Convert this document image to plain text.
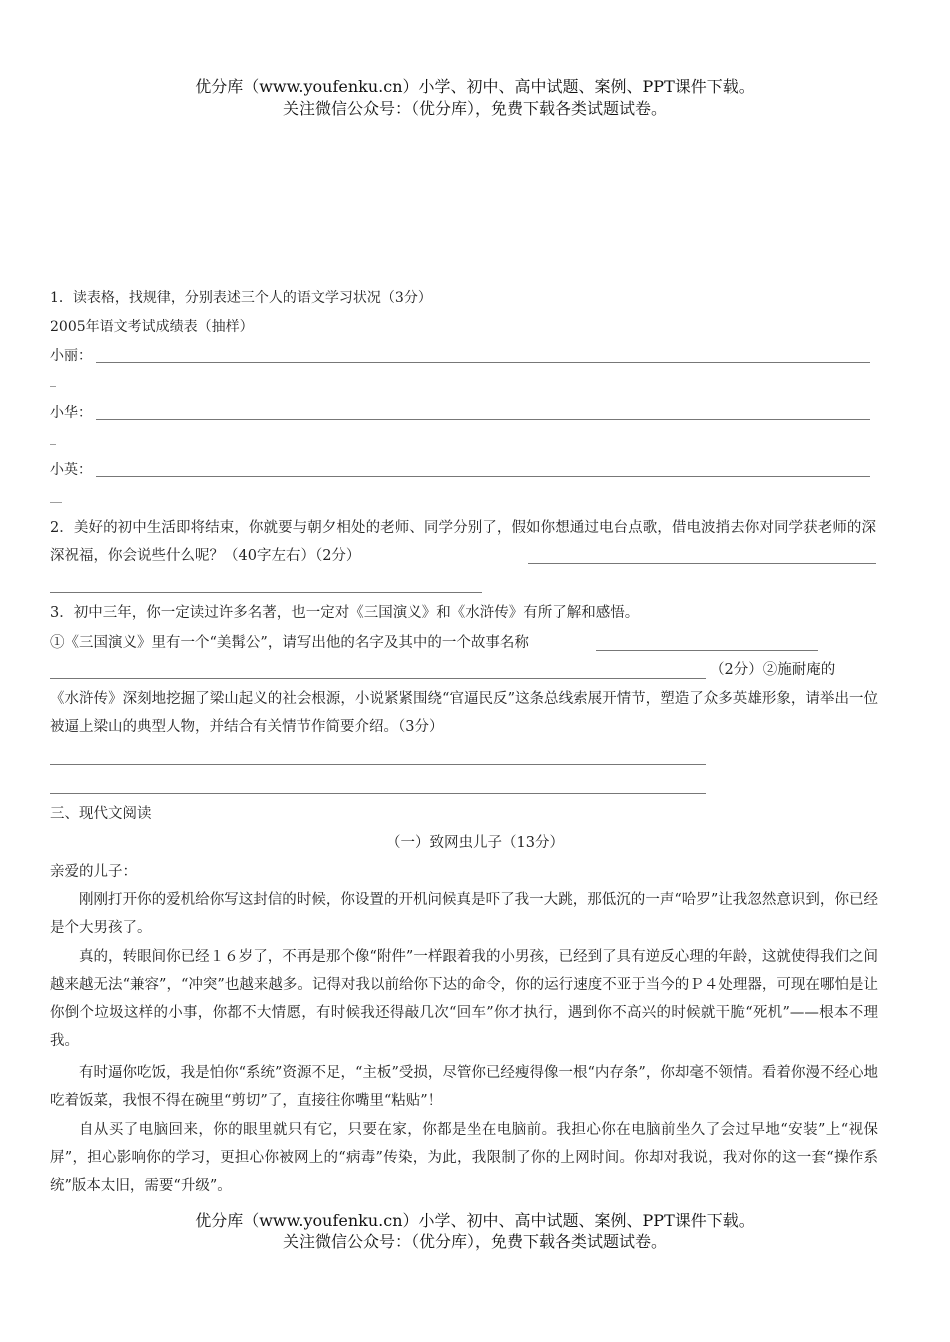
优分库（www.youfenku.cn）小学、初中、高中试题、案例、PPT课件下载。
关注微信公众号：（优分库），免费下载各类试题试卷。
1．读表格，找规律，分别表述三个人的语文学习状况（3分）
2005年语文考试成绩表（抽样）
小丽：
_
小华：
_
小英：
__
2．美好的初中生活即将结束，你就要与朝夕相处的老师、同学分别了，假如你想通过电台点歌，借电波捎去你对同学获老师的深深祝福，你会说些什么呢？（40字左右）（2分）
3．初中三年，你一定读过许多名著，也一定对《三国演义》和《水浒传》有所了解和感悟。
①《三国演义》里有一个“美髯公”，请写出他的名字及其中的一个故事名称
（2分）②施耐庵的
《水浒传》深刻地挖掘了梁山起义的社会根源，小说紧紧围绕“官逼民反”这条总线索展开情节，塑造了众多英雄形象，请举出一位被逼上梁山的典型人物，并结合有关情节作简要介绍。（3分）
三、现代文阅读
（一）致网虫儿子（13分）
亲爱的儿子：
刚刚打开你的爱机给你写这封信的时候，你设置的开机问候真是吓了我一大跳，那低沉的一声“哈罗”让我忽然意识到，你已经是个大男孩了。
真的，转眼间你已经１６岁了，不再是那个像“附件”一样跟着我的小男孩，已经到了具有逆反心理的年龄，这就使得我们之间越来越无法“兼容”，“冲突”也越来越多。记得对我以前给你下达的命令，你的运行速度不亚于当今的Ｐ４处理器，可现在哪怕是让你倒个垃圾这样的小事，你都不大情愿，有时候我还得敲几次“回车”你才执行，遇到你不高兴的时候就干脆“死机”——根本不理我。
有时逼你吃饭，我是怕你“系统”资源不足，“主板”受损，尽管你已经瘦得像一根“内存条”，你却毫不领情。看着你漫不经心地吃着饭菜，我恨不得在碗里“剪切”了，直接往你嘴里“粘贴”！
自从买了电脑回来，你的眼里就只有它，只要在家，你都是坐在电脑前。我担心你在电脑前坐久了会过早地“安装”上“视保屏”，担心影响你的学习，更担心你被网上的“病毒”传染，为此，我限制了你的上网时间。你却对我说，我对你的这一套“操作系统”版本太旧，需要“升级”。
优分库（www.youfenku.cn）小学、初中、高中试题、案例、PPT课件下载。
关注微信公众号：（优分库），免费下载各类试题试卷。
